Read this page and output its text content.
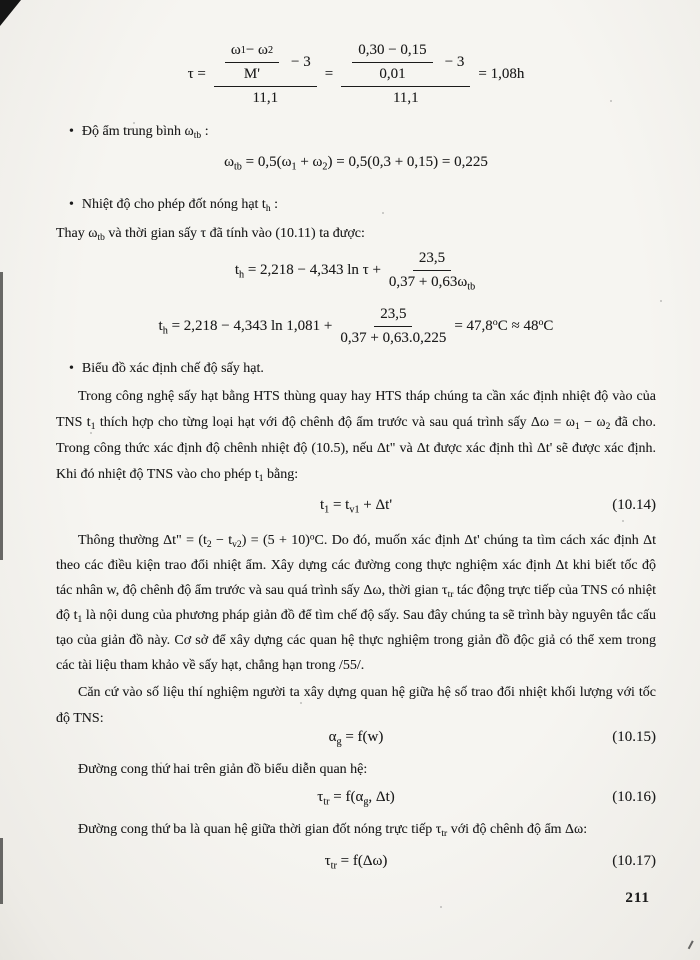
$\tau = \frac{\frac{\omega 1 - \omega 2}{M'} - 3}{11,1} = \frac{\frac{0,30 - 0,15}{0,01} - 3}{11,1} = 1,08h$
• Độ ẩm trung bình $\omega_{tb}$ :
$\omega_{tb} = 0,5(\omega_1 + \omega_2) = 0,5(0,3 + 0,15) = 0,225$
• Nhiệt độ cho phép đốt nóng hạt $t_h$ :
Thay $\omega_{tb}$ và thời gian sấy τ đã tính vào (10.11) ta được:
$t_h = 2,218 - 4,343$ $\ln \tau + \frac{23,5}{0,37 + 0,63\omega_{tb}}$
$t_h = 2,218 - 4,343$ $\ln 1,081 + \frac{23,5}{0,37 + 0,63.0,225} = 47,8^oC \approx 48^oC$
• Biểu đồ xác định chế độ sấy hạt.
Trong công nghệ sấy hạt bằng HTS thùng quay hay HTS tháp chúng ta cần xác định nhiệt độ vào của TNS $t_1$ thích hợp cho từng loại hạt với độ chênh độ ẩm trước và sau quá trình sấy $\Delta\omega = \omega_1 - \omega_2$ đã cho. Trong công thức xác định độ chênh nhiệt độ (10.5), nếu Δt" và Δt được xác định thì Δt' sẽ được xác định. Khi đó nhiệt độ TNS vào cho phép $t_1$ bằng:
$t_1 = t_{v1} + \Delta t'$	(10.14)
Thông thường Δt" = $(t_2 - t_{v2}) = (5 + 10)^oC$. Do đó, muốn xác định Δt' chúng ta tìm cách xác định Δt theo các điều kiện trao đổi nhiệt ẩm. Xây dựng các đường cong thực nghiệm xác định Δt khi biết tốc độ tác nhân w, độ chênh độ ẩm trước và sau quá trình sấy Δω, thời gian $\tau_{tr}$ tác động trực tiếp của TNS có nhiệt độ $t_1$ là nội dung của phương pháp giản đồ để tìm chế độ sấy. Sau đây chúng ta sẽ trình bày nguyên tắc cấu tạo của giản đồ này. Cơ sở để xây dựng các quan hệ thực nghiệm trong giản đồ độc giả có thể xem trong các tài liệu tham khảo về sấy hạt, chẳng hạn trong /55/.
Căn cứ vào số liệu thí nghiệm người ta xây dựng quan hệ giữa hệ số trao đổi nhiệt khối lượng với tốc độ TNS:
$\alpha_g = f(w)$	(10.15)
Đường cong thứ hai trên giản đồ biểu diễn quan hệ:
$\tau_{tr} = f(\alpha_g$, Δt)	(10.16)
Đường cong thứ ba là quan hệ giữa thời gian đốt nóng trực tiếp $\tau_{tr}$ với độ chênh độ ẩm Δω:
$\tau_{tr} = f(\Delta\omega)$	(10.17)
211
